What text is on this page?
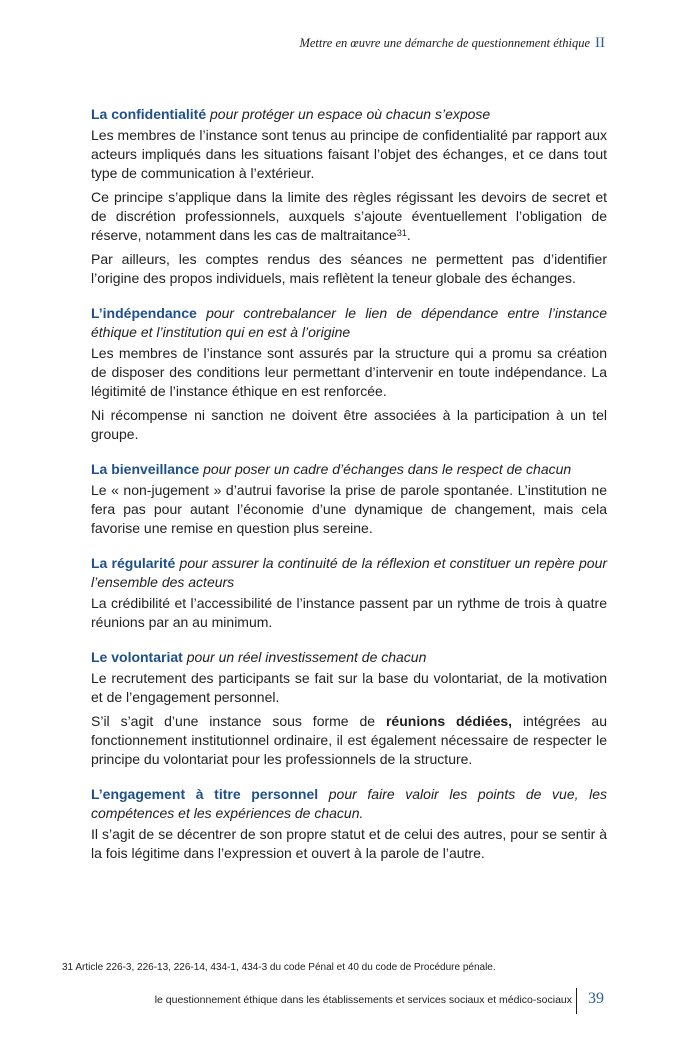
Mettre en œuvre une démarche de questionnement éthique II

La confidentialité pour protéger un espace où chacun s’expose

Les membres de l’instance sont tenus au principe de confidentialité par rapport aux acteurs impliqués dans les situations faisant l’objet des échanges, et ce dans tout type de communication à l’extérieur.

Ce principe s’applique dans la limite des règles régissant les devoirs de secret et de discrétion professionnels, auxquels s’ajoute éventuellement l’obligation de réserve, notamment dans les cas de maltraitance$^{31}$.

Par ailleurs, les comptes rendus des séances ne permettent pas d’identifier l’origine des propos individuels, mais reflètent la teneur globale des échanges.

L’indépendance pour contrebalancer le lien de dépendance entre l’instance éthique et l’institution qui en est à l’origine

Les membres de l’instance sont assurés par la structure qui a promu sa création de disposer des conditions leur permettant d’intervenir en toute indépendance. La légitimité de l’instance éthique en est renforcée.

Ni récompense ni sanction ne doivent être associées à la participation à un tel groupe.

La bienveillance pour poser un cadre d’échanges dans le respect de chacun

Le « non-jugement » d’autrui favorise la prise de parole spontanée. L’institution ne fera pas pour autant l’économie d’une dynamique de changement, mais cela favorise une remise en question plus sereine.

La régularité pour assurer la continuité de la réflexion et constituer un repère pour l’ensemble des acteurs

La crédibilité et l’accessibilité de l’instance passent par un rythme de trois à quatre réunions par an au minimum.

Le volontariat pour un réel investissement de chacun

Le recrutement des participants se fait sur la base du volontariat, de la motivation et de l’engagement personnel.

S’il s’agit d’une instance sous forme de réunions dédiées, intégrées au fonctionnement institutionnel ordinaire, il est également nécessaire de respecter le principe du volontariat pour les professionnels de la structure.

L’engagement à titre personnel pour faire valoir les points de vue, les compétences et les expériences de chacun.

Il s’agit de se décentrer de son propre statut et de celui des autres, pour se sentir à la fois légitime dans l’expression et ouvert à la parole de l’autre.

31 Article 226-3, 226-13, 226-14, 434-1, 434-3 du code Pénal et 40 du code de Procédure pénale.
le questionnement éthique dans les établissements et services sociaux et médico-sociaux 39
